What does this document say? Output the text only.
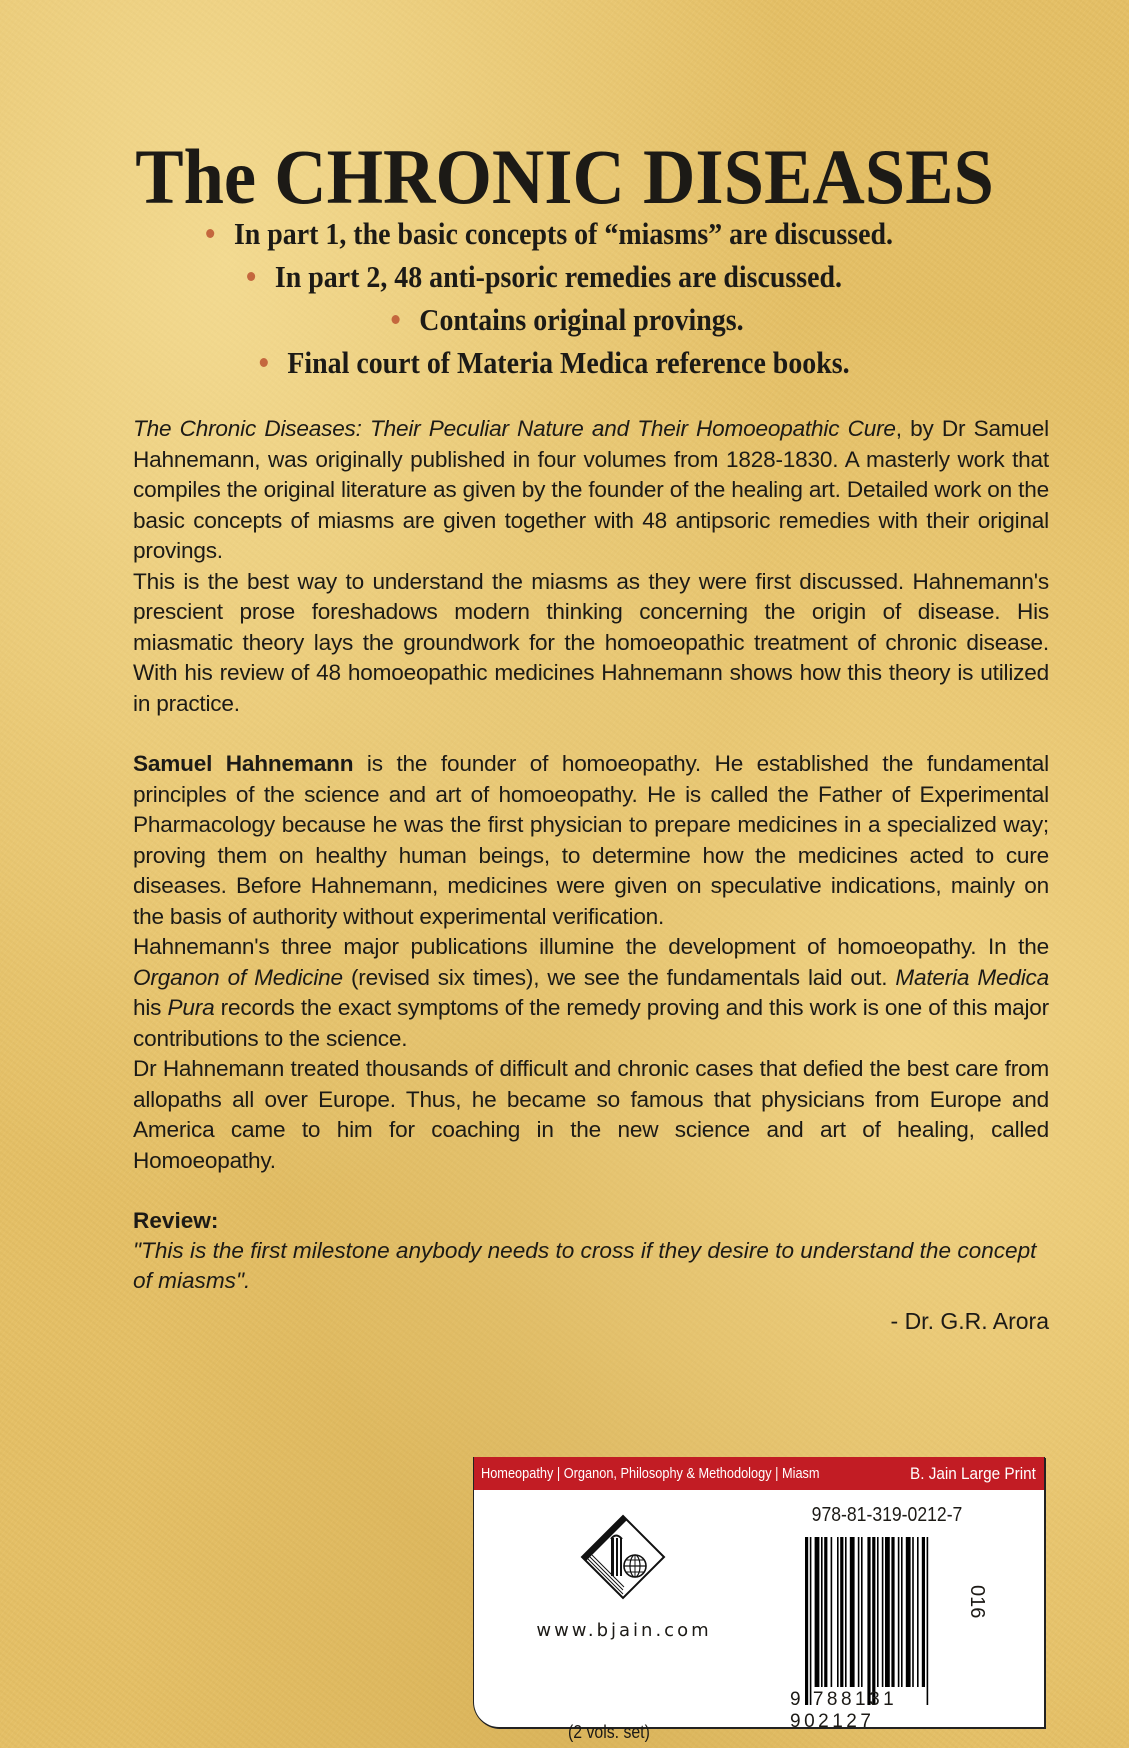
The CHRONIC DISEASES
In part 1, the basic concepts of “miasms” are discussed.
In part 2, 48 anti-psoric remedies are discussed.
Contains original provings.
Final court of Materia Medica reference books.

The Chronic Diseases: Their Peculiar Nature and Their Homoeopathic Cure, by Dr Samuel Hahnemann, was originally published in four volumes from 1828-1830. A masterly work that compiles the original literature as given by the founder of the healing art. Detailed work on the basic concepts of miasms are given together with 48 antipsoric remedies with their original provings.

This is the best way to understand the miasms as they were first discussed. Hahnemann's prescient prose foreshadows modern thinking concerning the origin of disease. His miasmatic theory lays the groundwork for the homoeopathic treatment of chronic disease. With his review of 48 homoeopathic medicines Hahnemann shows how this theory is utilized in practice.

Samuel Hahnemann is the founder of homoeopathy. He established the fundamental principles of the science and art of homoeopathy. He is called the Father of Experimental Pharmacology because he was the first physician to prepare medicines in a specialized way; proving them on healthy human beings, to determine how the medicines acted to cure diseases. Before Hahnemann, medicines were given on speculative indications, mainly on the basis of authority without experimental verification.

Hahnemann's three major publications illumine the development of homoeopathy. In the Organon of Medicine (revised six times), we see the fundamentals laid out. Materia Medica his Pura records the exact symptoms of the remedy proving and this work is one of this major contributions to the science.

Dr Hahnemann treated thousands of difficult and chronic cases that defied the best care from allopaths all over Europe. Thus, he became so famous that physicians from Europe and America came to him for coaching in the new science and art of healing, called Homoeopathy.

Review:

"This is the first milestone anybody needs to cross if they desire to understand the concept of miasms".

- Dr. G.R. Arora

Homeopathy | Organon, Philosophy & Methodology | Miasm	B. Jain Large Print
www.bjain.com
978-81-319-0212-7
9 788131 902127
016
(2 vols. set)
